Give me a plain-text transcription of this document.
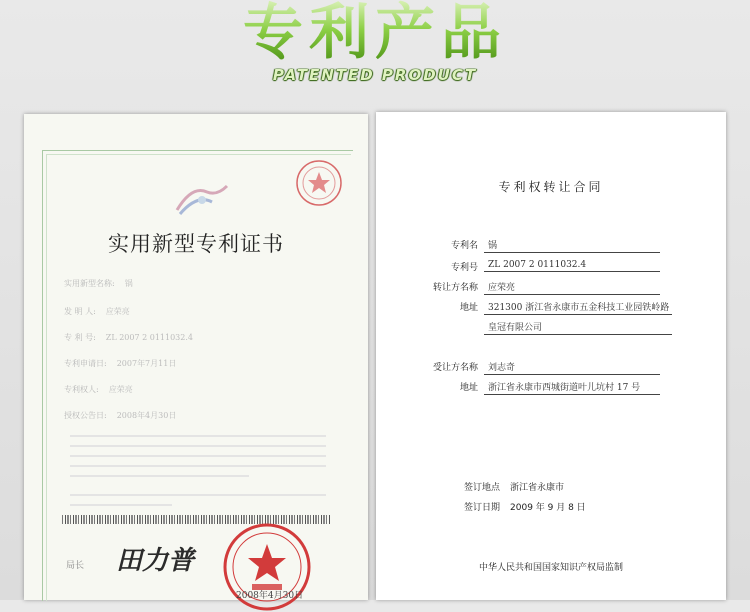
专利产品
PATENTED PRODUCT
实用新型专利证书
实用新型名称: 锅
发 明 人: 应荣亮
专 利 号: ZL 2007 2 0111032.4
专利申请日: 2007年7月11日
专利权人: 应荣亮
授权公告日: 2008年4月30日
局长 田力普
2008年4月30日
专利权转让合同
专利名	锅
专利号	ZL 2007 2 0111032.4
转让方名称	应荣亮
地址	321300 浙江省永康市五金科技工业园铁岭路
皇冠有限公司
受让方名称	刘志奇
地址	浙江省永康市西城街道叶儿坑村 17 号
签订地点 浙江省永康市
签订日期 2009 年 9 月 8 日
中华人民共和国国家知识产权局监制
